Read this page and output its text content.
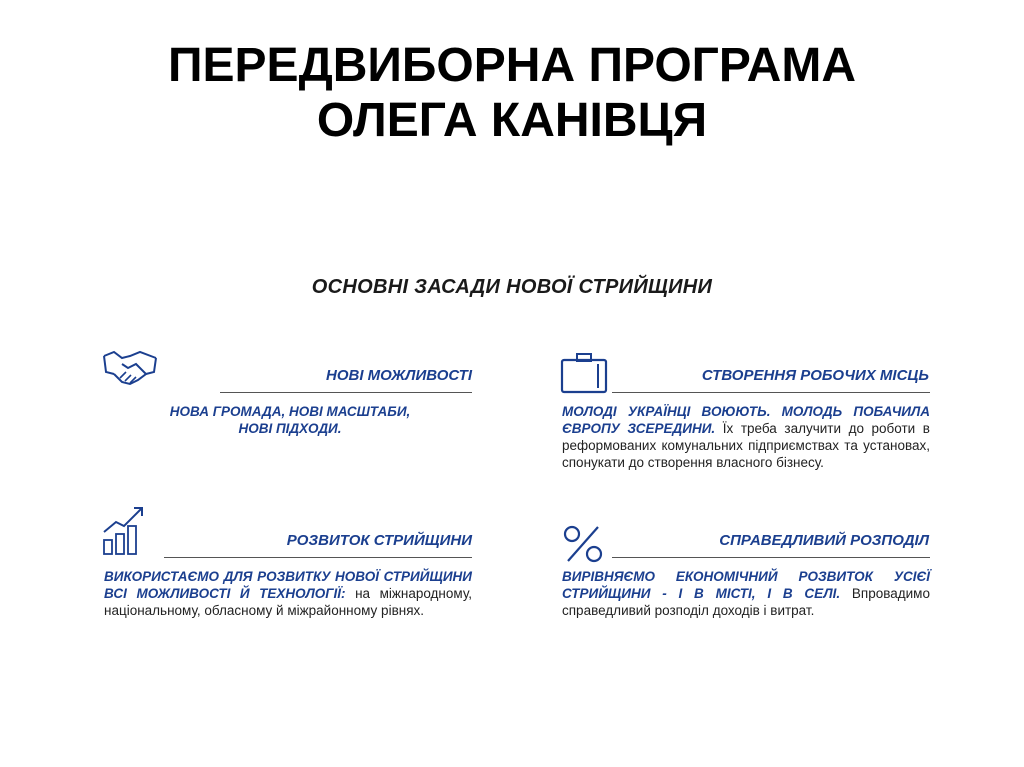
ПЕРЕДВИБОРНА ПРОГРАМА
ОЛЕГА КАНІВЦЯ
ОСНОВНІ ЗАСАДИ НОВОЇ СТРИЙЩИНИ
НОВІ МОЖЛИВОСТІ
НОВА ГРОМАДА, НОВІ МАСШТАБИ,
НОВІ ПІДХОДИ.
СТВОРЕННЯ РОБОЧИХ МІСЦЬ
МОЛОДІ УКРАЇНЦІ ВОЮЮТЬ. МОЛОДЬ ПОБАЧИЛА ЄВРОПУ ЗСЕРЕДИНИ. Їх треба залучити до роботи в реформованих комунальних підприємствах та установах, спонукати до створення власного бізнесу.
РОЗВИТОК СТРИЙЩИНИ
ВИКОРИСТАЄМО ДЛЯ РОЗВИТКУ НОВОЇ СТРИЙЩИНИ ВСІ МОЖЛИВОСТІ Й ТЕХНОЛОГІЇ: на міжнародному, національному, обласному й міжрайонному рівнях.
СПРАВЕДЛИВИЙ РОЗПОДІЛ
ВИРІВНЯЄМО ЕКОНОМІЧНИЙ РОЗВИТОК УСІЄЇ СТРИЙЩИНИ - І В МІСТІ, І В СЕЛІ. Впровадимо справедливий розподіл доходів і витрат.
